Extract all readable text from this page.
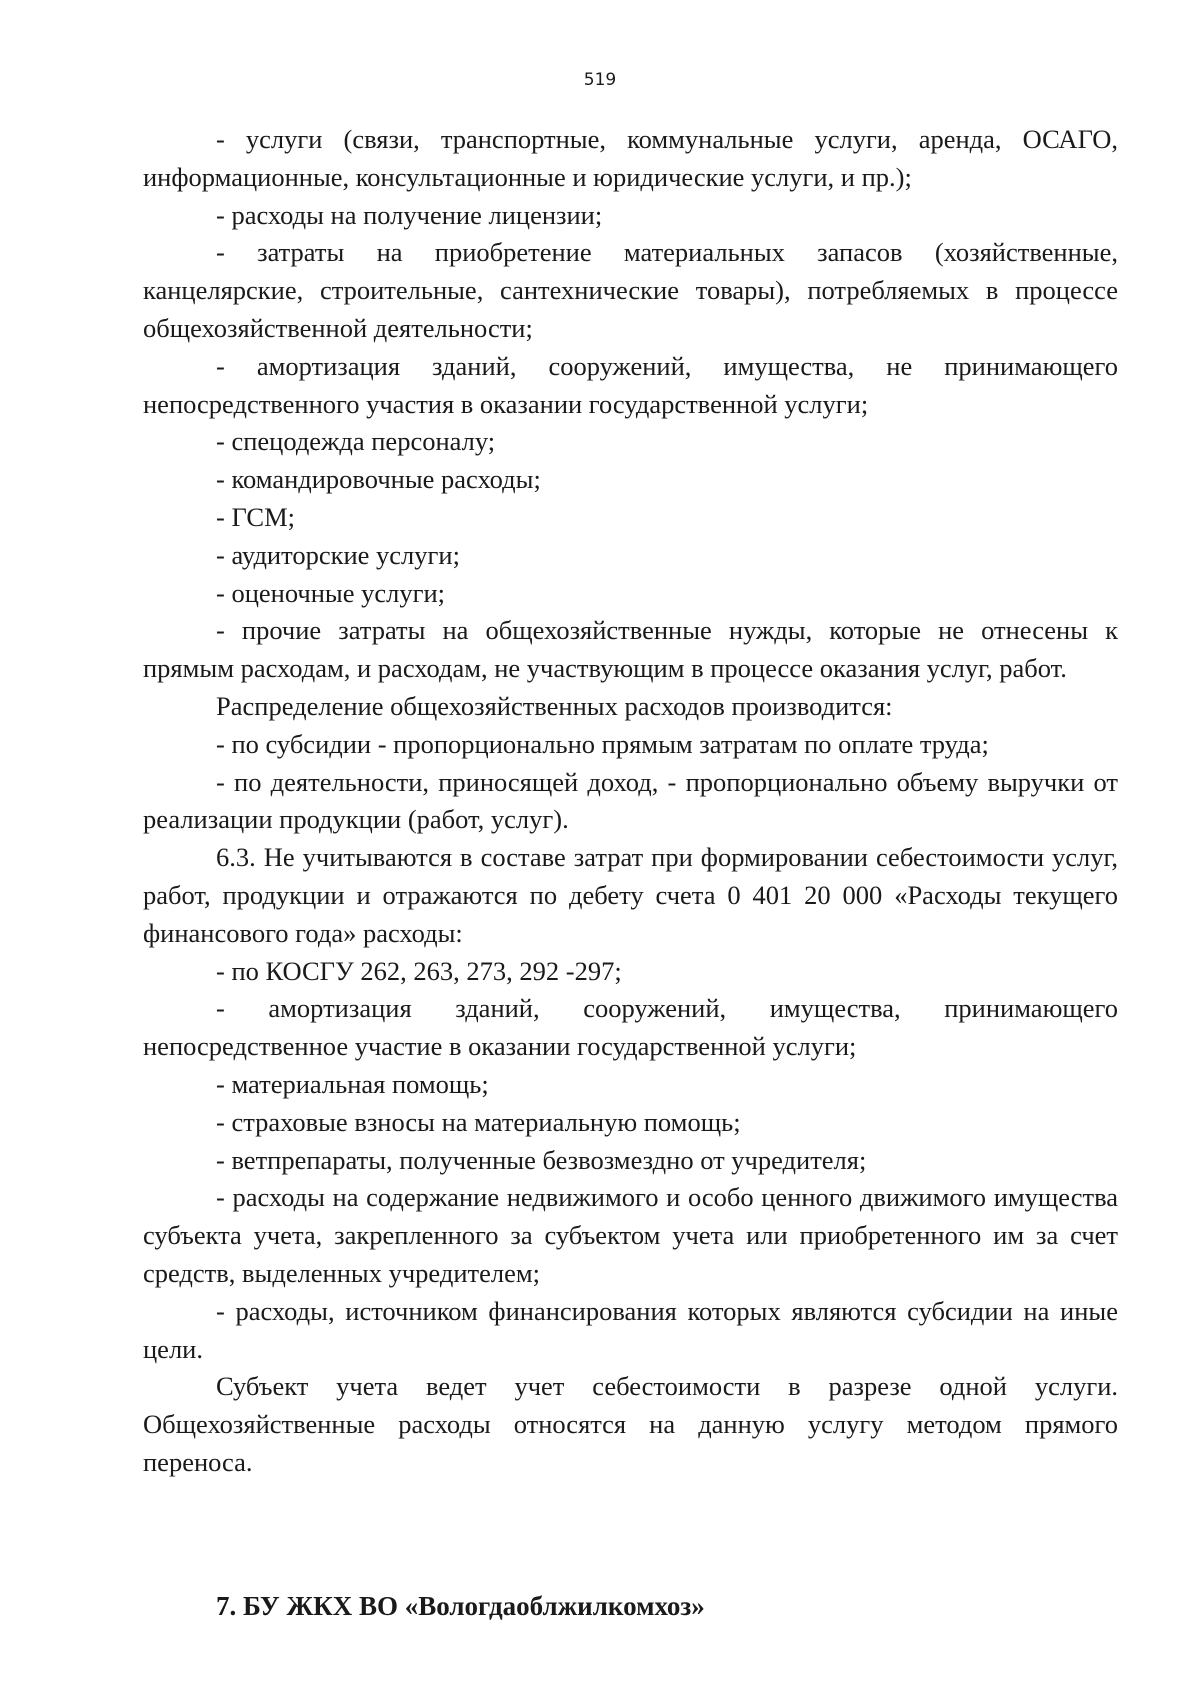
519

- услуги (связи, транспортные, коммунальные услуги, аренда, ОСАГО, информационные, консультационные и юридические услуги, и пр.);

- расходы на получение лицензии;

- затраты на приобретение материальных запасов (хозяйственные, канцелярские, строительные, сантехнические товары), потребляемых в процессе общехозяйственной деятельности;

- амортизация зданий, сооружений, имущества, не принимающего непосредственного участия в оказании государственной услуги;

- спецодежда персоналу;

- командировочные расходы;

- ГСМ;

- аудиторские услуги;

- оценочные услуги;

- прочие затраты на общехозяйственные нужды, которые не отнесены к прямым расходам, и расходам, не участвующим в процессе оказания услуг, работ.

Распределение общехозяйственных расходов производится:

- по субсидии - пропорционально прямым затратам по оплате труда;

- по деятельности, приносящей доход, - пропорционально объему выручки от реализации продукции (работ, услуг).

6.3. Не учитываются в составе затрат при формировании себестоимости услуг, работ, продукции и отражаются по дебету счета 0 401 20 000 «Расходы текущего финансового года» расходы:

- по КОСГУ 262, 263, 273, 292 -297;

- амортизация зданий, сооружений, имущества, принимающего непосредственное участие в оказании государственной услуги;

- материальная помощь;

- страховые взносы на материальную помощь;

- ветпрепараты, полученные безвозмездно от учредителя;

- расходы на содержание недвижимого и особо ценного движимого имущества субъекта учета, закрепленного за субъектом учета или приобретенного им за счет средств, выделенных учредителем;

- расходы, источником финансирования которых являются субсидии на иные цели.

Субъект учета ведет учет себестоимости в разрезе одной услуги. Общехозяйственные расходы относятся на данную услугу методом прямого переноса.

7. БУ ЖКХ ВО «Вологдаоблжилкомхоз»
